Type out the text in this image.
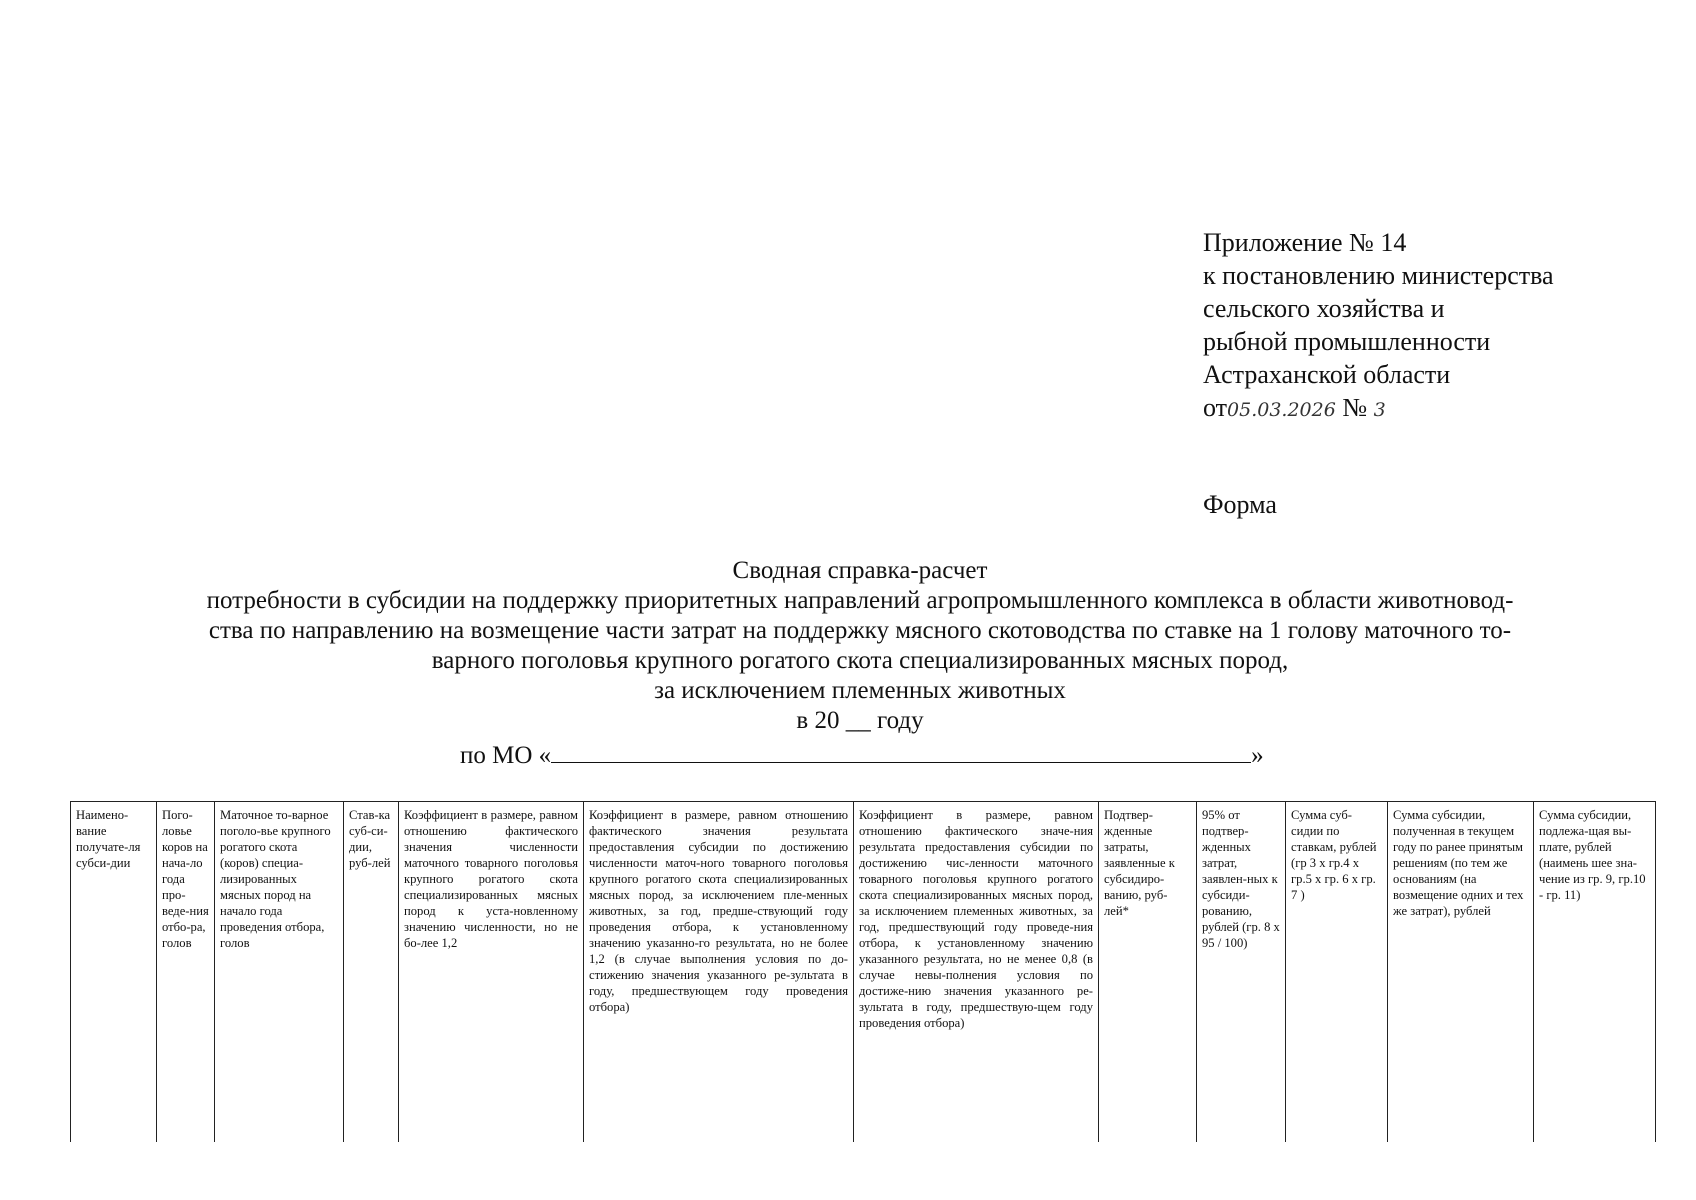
Приложение № 14
к постановлению министерства
сельского хозяйства и
рыбной промышленности
Астраханской области
от05.03.2026 № 3
Форма
Сводная справка-расчет
потребности в субсидии на поддержку приоритетных направлений агропромышленного комплекса в области животновод-
ства по направлению на возмещение части затрат на поддержку мясного скотоводства по ставке на 1 голову маточного то-
варного поголовья крупного рогатого скота специализированных мясных пород,
за исключением племенных животных
в 20 __ году
по МО «	»
Наимено-вание получате-ля субси-дии	Пого-ловье коров на нача-ло года про-веде-ния отбо-ра, голов	Маточное то-варное поголо-вье крупного рогатого скота (коров) специа-лизированных мясных пород на начало года проведения отбора, голов	Став-ка суб-си-дии, руб-лей	Коэффициент в размере, равном отношению фактического значения численности маточного товарного поголовья крупного рогатого скота специализированных мясных пород к уста-новленному значению численности, но не бо-лее 1,2	Коэффициент в размере, равном отношению фактического значения результата предоставления субсидии по достижению численности маточ-ного товарного поголовья крупного рогатого скота специализированных мясных пород, за исключением пле-менных животных, за год, предше-ствующий году проведения отбора, к установленному значению указанно-го результата, но не более 1,2 (в случае выполнения условия по до-стижению значения указанного ре-зультата в году, предшествующем году проведения отбора)	Коэффициент в размере, равном отношению фактического значе-ния результата предоставления субсидии по достижению чис-ленности маточного товарного поголовья крупного рогатого скота специализированных мясных пород, за исключением племенных животных, за год, предшествующий году проведе-ния отбора, к установленному значению указанного результата, но не менее 0,8 (в случае невы-полнения условия по достиже-нию значения указанного ре-зультата в году, предшествую-щем году проведения отбора)	Подтвер-жденные затраты, заявленные к субсидиро-ванию, руб-лей*	95% от подтвер-жденных затрат, заявлен-ных к субсиди-рованию, рублей (гр. 8 х 95 / 100)	Сумма суб-сидии по ставкам, рублей (гр 3 х гр.4 х гр.5 х гр. 6 х гр. 7 )	Сумма субсидии, полученная в текущем году по ранее принятым решениям (по тем же основаниям (на возмещение одних и тех же затрат), рублей	Сумма субсидии, подлежа-щая вы-плате, рублей (наимень шее зна-чение из гр. 9, гр.10 - гр. 11)
